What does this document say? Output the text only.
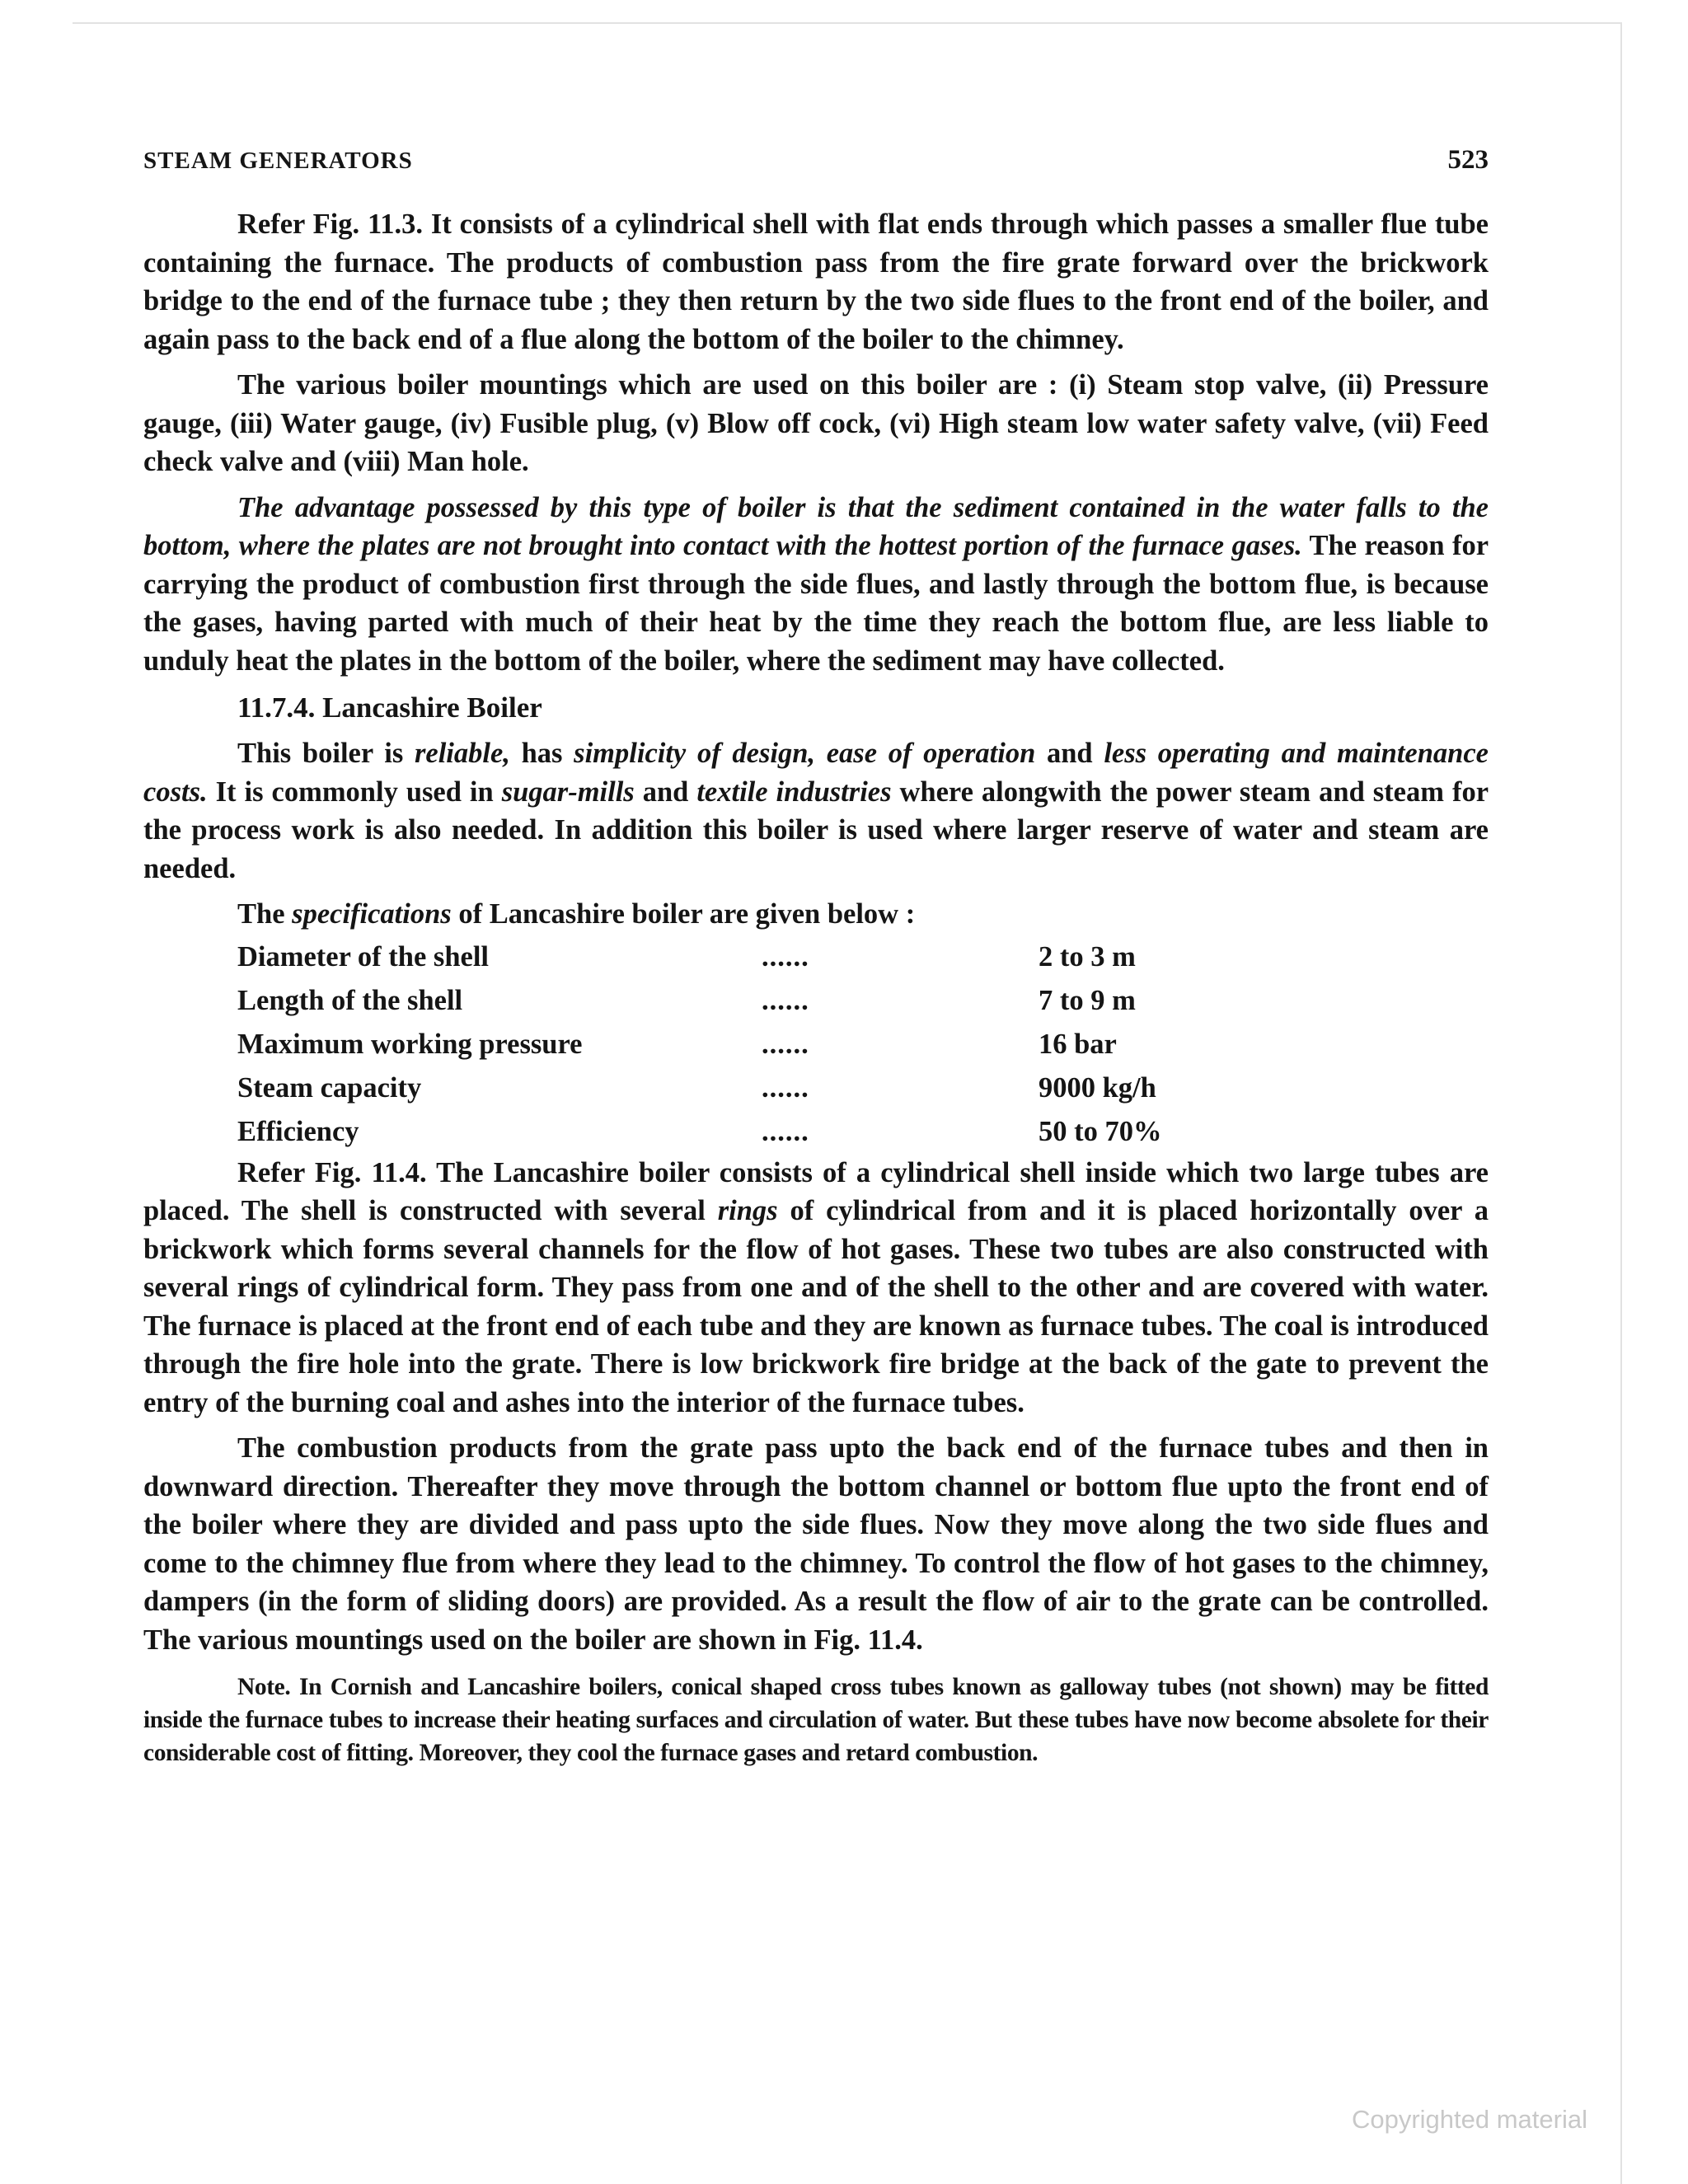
STEAM GENERATORS	523

Refer Fig. 11.3. It consists of a cylindrical shell with flat ends through which passes a smaller flue tube containing the furnace. The products of combustion pass from the fire grate forward over the brickwork bridge to the end of the furnace tube ; they then return by the two side flues to the front end of the boiler, and again pass to the back end of a flue along the bottom of the boiler to the chimney.

The various boiler mountings which are used on this boiler are : (i) Steam stop valve, (ii) Pressure gauge, (iii) Water gauge, (iv) Fusible plug, (v) Blow off cock, (vi) High steam low water safety valve, (vii) Feed check valve and (viii) Man hole.

The advantage possessed by this type of boiler is that the sediment contained in the water falls to the bottom, where the plates are not brought into contact with the hottest portion of the furnace gases. The reason for carrying the product of combustion first through the side flues, and lastly through the bottom flue, is because the gases, having parted with much of their heat by the time they reach the bottom flue, are less liable to unduly heat the plates in the bottom of the boiler, where the sediment may have collected.

11.7.4. Lancashire Boiler

This boiler is reliable, has simplicity of design, ease of operation and less operating and maintenance costs. It is commonly used in sugar-mills and textile industries where alongwith the power steam and steam for the process work is also needed. In addition this boiler is used where larger reserve of water and steam are needed.

The specifications of Lancashire boiler are given below :

Diameter of the shell	......	2 to 3 m
Length of the shell	......	7 to 9 m
Maximum working pressure	......	16 bar
Steam capacity	......	9000 kg/h
Efficiency	......	50 to 70%

Refer Fig. 11.4. The Lancashire boiler consists of a cylindrical shell inside which two large tubes are placed. The shell is constructed with several rings of cylindrical from and it is placed horizontally over a brickwork which forms several channels for the flow of hot gases. These two tubes are also constructed with several rings of cylindrical form. They pass from one and of the shell to the other and are covered with water. The furnace is placed at the front end of each tube and they are known as furnace tubes. The coal is introduced through the fire hole into the grate. There is low brickwork fire bridge at the back of the gate to prevent the entry of the burning coal and ashes into the interior of the furnace tubes.

The combustion products from the grate pass upto the back end of the furnace tubes and then in downward direction. Thereafter they move through the bottom channel or bottom flue upto the front end of the boiler where they are divided and pass upto the side flues. Now they move along the two side flues and come to the chimney flue from where they lead to the chimney. To control the flow of hot gases to the chimney, dampers (in the form of sliding doors) are provided. As a result the flow of air to the grate can be controlled. The various mountings used on the boiler are shown in Fig. 11.4.

Note. In Cornish and Lancashire boilers, conical shaped cross tubes known as galloway tubes (not shown) may be fitted inside the furnace tubes to increase their heating surfaces and circulation of water. But these tubes have now become absolete for their considerable cost of fitting. Moreover, they cool the furnace gases and retard combustion.

Copyrighted material
